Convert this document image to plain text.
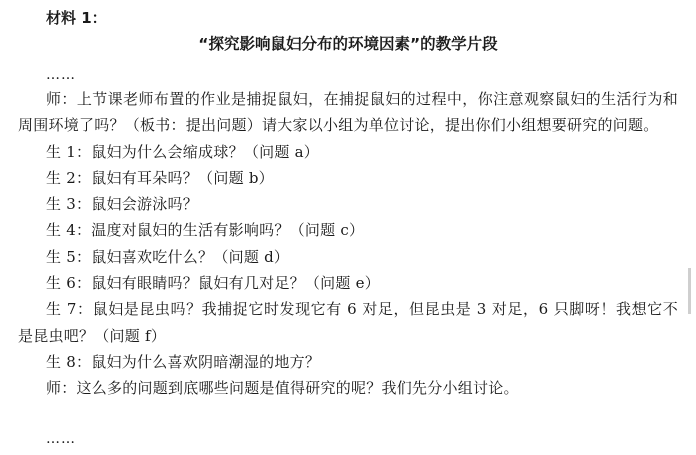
材料 1：
“探究影响鼠妇分布的环境因素”的教学片段
……

师：上节课老师布置的作业是捕捉鼠妇，在捕捉鼠妇的过程中，你注意观察鼠妇的生活行为和周围环境了吗？（板书：提出问题）请大家以小组为单位讨论，提出你们小组想要研究的问题。

生 1：鼠妇为什么会缩成球？（问题 a）

生 2：鼠妇有耳朵吗？（问题 b）

生 3：鼠妇会游泳吗？

生 4：温度对鼠妇的生活有影响吗？（问题 c）

生 5：鼠妇喜欢吃什么？（问题 d）

生 6：鼠妇有眼睛吗？鼠妇有几对足？（问题 e）

生 7：鼠妇是昆虫吗？我捕捉它时发现它有 6 对足，但昆虫是 3 对足，6 只脚呀！我想它不是昆虫吧？（问题 f）

生 8：鼠妇为什么喜欢阴暗潮湿的地方？

师：这么多的问题到底哪些问题是值得研究的呢？我们先分小组讨论。

……
